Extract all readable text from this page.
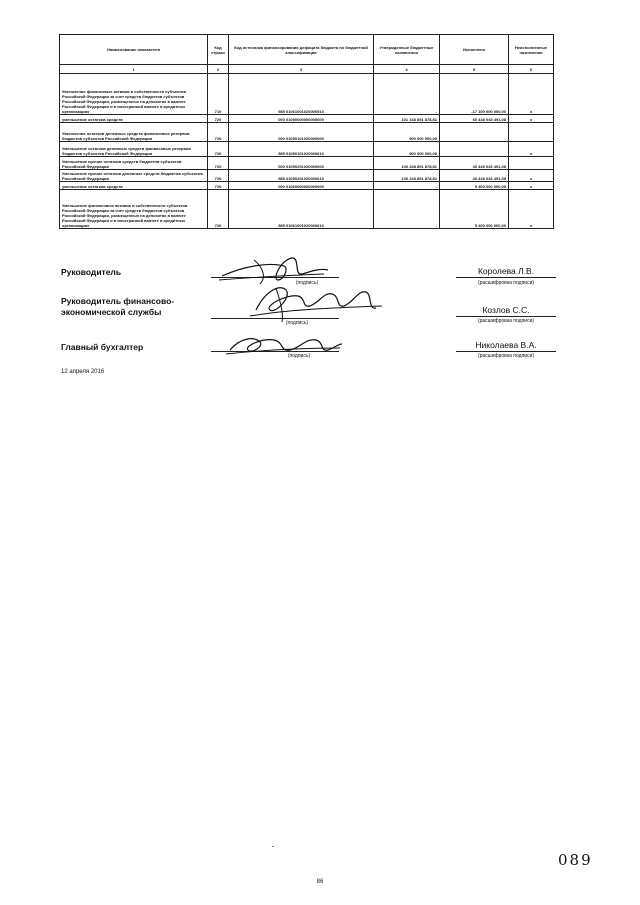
Наименование показателя	Код строки	Код источника финансирования дефицита бюджета по бюджетной классификации	Утвержденные бюджетные назначения	Исполнено	Неисполненные назначения
1	2	3	4	5	6
Увеличение финансовых активов в собственности субъектов Российской Федерации за счет средств бюджетов субъектов Российской Федерации, размещенных на депозитах в валюте Российской Федерации и в иностранной валюте в кредитных организациях	710	985 01061001020000510	-	-17 100 000 000,00	x
уменьшение остатков средств	720	000 01050000000000600	101 148 891 878,81	60 448 043 491,08	x
Увеличение остатков денежных средств финансовых резервов бюджетов субъектов Российской Федерации	720	000 01050101020000000	900 000 000,00	-	
Уменьшение остатков денежных средств финансовых резервов бюджетов субъектов Российской Федерации	720	985 01050101020000610	900 000 000,00		x
Уменьшение прочих остатков средств бюджетов субъектов Российской Федерации	720	000 01050201020000600	100 248 891 878,81	40 449 043 491,08	
Уменьшение прочих остатков денежных средств бюджетов субъектов Российской Федерации	720	985 01050201020000610	100 248 891 878,81	40 449 043 491,08	x
уменьшение остатков средств	720	000 01060000000000600	-	5 400 000 000,00	x
Уменьшение финансовых активов в собственности субъектов Российской Федерации за счет средств бюджетов субъектов Российской Федерации, размещенных на депозитах в валюте Российской Федерации и в иностранной валюте в кредитных организациях	720	985 01061001020000610	-	5 400 000 000,00	x
Руководитель
(подпись)
Королева Л.В.
(расшифровка подписи)
Руководитель финансово-экономической службы
(подпись)
Козлов С.С.
(расшифровка подписи)
Главный бухгалтер
(подпись)
Николаева В.А.
(расшифровка подписи)
12 апреля 2016
089
86
